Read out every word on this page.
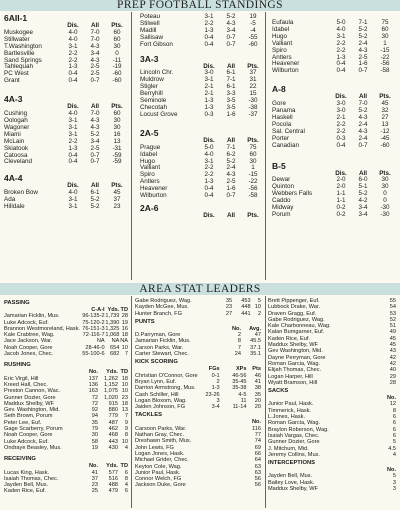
PREP FOOTBALL STANDINGS
6AII-1
	Dis.	All	Pts.
Muskogee	4-0	7-0	60
Stillwater	4-0	7-0	60
T.Washington	3-1	4-3	30
Bartlesville	2-2	3-4	0
Sand Springs	2-2	4-3	-11
Tahlequah	1-3	2-5	-19
PC West	0-4	2-5	-60
Grant	0-4	0-7	-60
4A-3
	Dis.	All	Pts.
Cushing	4-0	7-0	60
Oologah	3-1	4-3	30
Wagoner	3-1	4-3	30
Miami	3-1	5-2	16
McLain	2-2	3-4	13
Skiatook	1-3	2-5	-31
Catoosa	0-4	0-7	-59
Cleveland	0-4	0-7	-59
4A-4
	Dis.	All	Pts.
Broken Bow	4-0	6-1	45
Ada	3-1	5-2	37
Hilldale	3-1	5-2	23
Poteau	3-1	5-2	19
Stilwell	2-2	4-3	-5
Madill	1-3	3-4	-4
Sallisaw	0-4	0-7	-55
Fort Gibson	0-4	0-7	-60
3A-3
	Dis.	All	Pts.
Lincoln Chr.	3-0	6-1	37
Muldrow	3-1	7-1	31
Stigler	2-1	6-1	22
Berryhill	2-1	3-3	15
Seminole	1-3	3-5	-30
Checotah	1-3	3-5	-38
Locust Grove	0-3	1-6	-37
2A-5
	Dis.	All	Pts.
Prague	5-0	7-1	75
Idabel	4-0	6-2	60
Hugo	3-1	5-2	30
Valliant	2-2	2-4	1
Spiro	2-2	4-3	-15
Antlers	1-3	2-5	-22
Heavener	0-4	1-6	-56
Wilburton	0-4	0-7	-58
2A-6
	Dis.	All	Pts.
Eufaula	5-0	7-1	75
Idabel	4-0	5-2	60
Hugo	3-1	5-2	30
Valliant	2-2	2-4	1
Spiro	2-2	4-3	-15
Antlers	1-3	2-5	-22
Heavener	0-4	1-6	-56
Wilburton	0-4	0-7	-58
A-8
	Dis.	All	Pts.
Gore	3-0	7-0	45
Panama	3-0	5-2	32
Haskell	2-1	4-3	27
Pocola	2-2	2-4	13
Sal. Central	2-2	4-3	-12
Porter	0-3	2-4	-45
Canadian	0-4	0-7	-60
B-5
	Dis.	All	Pts.
Dewar	2-0	6-0	30
Quinton	2-0	5-1	30
Webbers Falls	1-1	5-2	0
Caddo	1-1	4-2	0
Midway	0-2	3-4	-30
Porum	0-2	3-4	-30
AREA STAT LEADERS
PASSING
	C-A-I	Yds.	TD
Jamarian Ficklin, Mus.	96-135-2	1,739	28
Luke Adcock, Euf.	75-120-2	1,390	19
Brannon Westmoreland, Hask.	76-151-3	1,325	16
Kale Crabtree, Wag.	72-116-7	1,068	18
Jace Jackson, War.	NA	NA	NA
Noah Cooper, Gore	28-46-0	654	10
Jacob Jones, Chec.	55-100-6	682	7
RUSHING
	No.	Yds.	TD
Eric Virgil, Hill	137	1,262	18
Kreed Hall, Chec.	136	1,152	10
Preston Cannon, Wac.	163	1,075	10
Gunner Dozier, Gore	72	1,020	23
Maddux Shelby, WF	72	915	18
Gev. Washington, Mid.	92	880	13
Seth Brown, Porum	94	779	7
Peter Lee, Euf.	35	487	9
Gage Scarberry, Porum	79	462	9
Noah Cooper, Gore	30	468	8
Luke Adcock, Euf.	58	443	10
Ondraye Beasley, Mus.	19	430	4
RECEIVING
	No.	Yds.	TD
Lucas King, Hask.	41	577	6
Isaiah Thomas, Chec.	37	516	8
Jayden Bell, Mus.	23	488	4
Kaden Rice, Euf.	25	479	6
Gabe Rodriguez, Wag.	35	453	5
Kayden McGee, Mus.	23	448	10
Hunter Branch, FG	27	441	2
PUNTS
	No.	Avg.
D.Parryman, Gore	2	47
Jamarian Ficklin, Mus.	8	45.5
Carson Parks, War.	7	37.1
Carter Stewart, Chec.	24	35.1
KICK SCORING
	FGs	XPs	Pts
Christian O'Connor, Gore	0-1	46-56	46
Bryan Lynn, Euf.	2	35-45	41
Darrion Armstrong, Mus.	1-3	35-38	38
Cash Schiller, Hill	23-26	4-5	35
Logan Bloxom, Wag.	3	11	20
Jaiden Johnson, FG	3-4	11-14	20
TACKLES
	No.
Carsoon Parks, War.	116
Nathan Gray, Chec.	77
Dreshawn Smith, Mus.	74
John Lewis, FG	69
Logan Jones, Hask.	66
Michael Grider, Chec.	64
Keyton Cole, Wag.	63
Junior Paul, Hask.	63
Connor Welch, FG	56
Jackson Duke, Gore	56
Brett Pippenger, Euf.	55
Lubbock Drake, War.	54
Draven Gragg, Euf.	53
Gabe Rodriguez, Wag.	52
Kale Charbonneau, Wag.	51
Kalan Bumgarner, Euf.	49
Kaden Rice, Euf.	45
Maddux Shelby, WF	45
Gev Washington, Mid.	43
Dayne Perryman, Gore	42
Roman Garcia, Wag.	42
Elijah Thomas, Chec.	40
Logan Harper, Hill	29
Wyatt Bramson, Hill	28
SACKS
	No.
Junior Paul, Hask.	12
Timmerick, Hask.	8
L.Jones, Hask.	6
Roman Garcia, Wag.	6
Braylon Roberson, Wag.	6
Isaiah Vargas, Chec.	6
Gunner Dozier, Gore	5
J. Mitchum, Mid.	4.5
Jeremy Collins, Mus.	4
INTERCEPTIONS
	No.
Jayden Bell, Mus.	5
Bailey Love, Hask.	3
Maddux Shelby, WF	3
